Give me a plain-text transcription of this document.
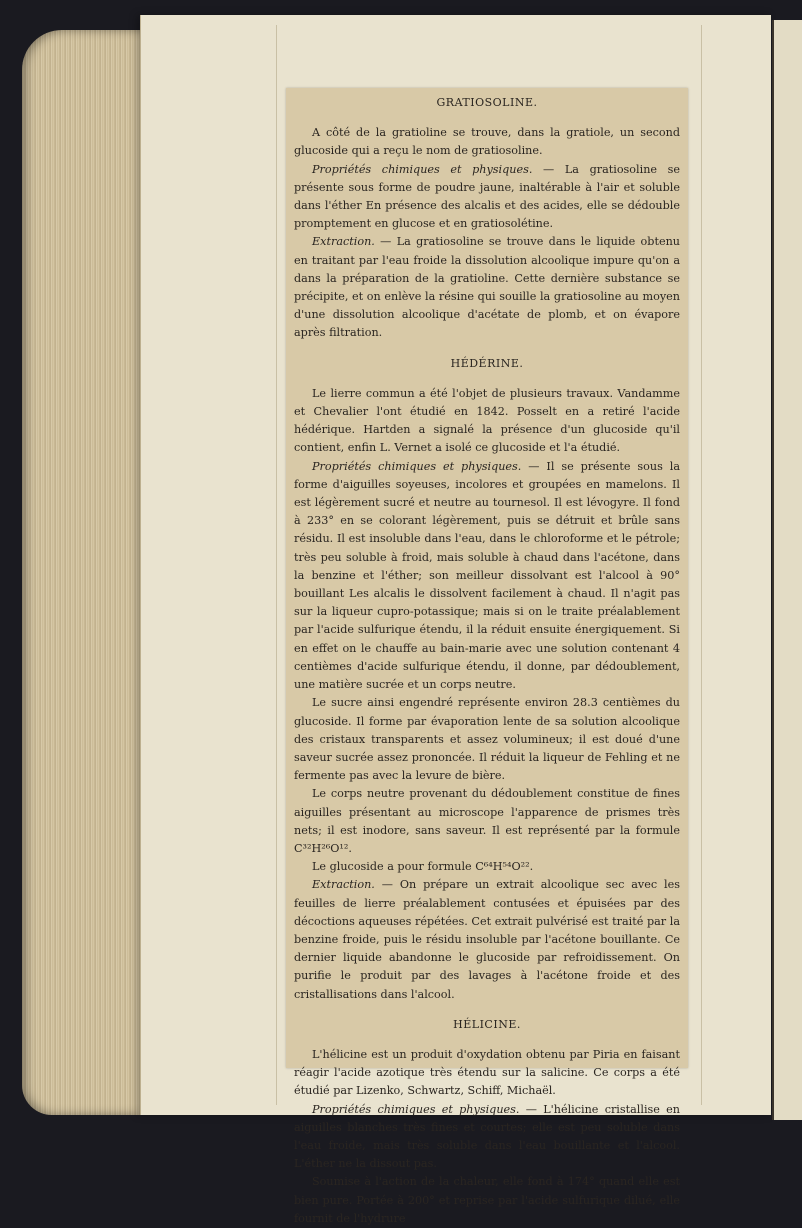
GRATIOSOLINE.

A côté de la gratioline se trouve, dans la gratiole, un second glucoside qui a reçu le nom de gratiosoline.

Propriétés chimiques et physiques. — La gratiosoline se présente sous forme de poudre jaune, inaltérable à l'air et soluble dans l'éther En présence des alcalis et des acides, elle se dédouble promptement en glucose et en gratiosolétine.

Extraction. — La gratiosoline se trouve dans le liquide obtenu en traitant par l'eau froide la dissolution alcoolique impure qu'on a dans la préparation de la gratioline. Cette dernière substance se précipite, et on enlève la résine qui souille la gratiosoline au moyen d'une dissolution alcoolique d'acétate de plomb, et on évapore après filtration.

HÉDÉRINE.

Le lierre commun a été l'objet de plusieurs travaux. Vandamme et Chevalier l'ont étudié en 1842. Posselt en a retiré l'acide hédérique. Hartden a signalé la présence d'un glucoside qu'il contient, enfin L. Vernet a isolé ce glucoside et l'a étudié.

Propriétés chimiques et physiques. — Il se présente sous la forme d'aiguilles soyeuses, incolores et groupées en mamelons. Il est légèrement sucré et neutre au tournesol. Il est lévogyre. Il fond à 233° en se colorant légèrement, puis se détruit et brûle sans résidu. Il est insoluble dans l'eau, dans le chloroforme et le pétrole; très peu soluble à froid, mais soluble à chaud dans l'acétone, dans la benzine et l'éther; son meilleur dissolvant est l'alcool à 90° bouillant Les alcalis le dissolvent facilement à chaud. Il n'agit pas sur la liqueur cupro-potassique; mais si on le traite préalablement par l'acide sulfurique étendu, il la réduit ensuite énergiquement. Si en effet on le chauffe au bain-marie avec une solution contenant 4 centièmes d'acide sulfurique étendu, il donne, par dédoublement, une matière sucrée et un corps neutre.

Le sucre ainsi engendré représente environ 28.3 centièmes du glucoside. Il forme par évaporation lente de sa solution alcoolique des cristaux transparents et assez volumineux; il est doué d'une saveur sucrée assez prononcée. Il réduit la liqueur de Fehling et ne fermente pas avec la levure de bière.

Le corps neutre provenant du dédoublement constitue de fines aiguilles présentant au microscope l'apparence de prismes très nets; il est inodore, sans saveur. Il est représenté par la formule C³²H²⁶O¹².

Le glucoside a pour formule C⁶⁴H⁵⁴O²².

Extraction. — On prépare un extrait alcoolique sec avec les feuilles de lierre préalablement contusées et épuisées par des décoctions aqueuses répétées. Cet extrait pulvérisé est traité par la benzine froide, puis le résidu insoluble par l'acétone bouillante. Ce dernier liquide abandonne le glucoside par refroidissement. On purifie le produit par des lavages à l'acétone froide et des cristallisations dans l'alcool.

HÉLICINE.

L'hélicine est un produit d'oxydation obtenu par Piria en faisant réagir l'acide azotique très étendu sur la salicine. Ce corps a été étudié par Lizenko, Schwartz, Schiff, Michaël.

Propriétés chimiques et physiques. — L'hélicine cristallise en aiguilles blanches très fines et courtes; elle est peu soluble dans l'eau froide, mais très soluble dans l'eau bouillante et l'alcool. L'éther ne la dissout pas.

Soumise à l'action de la chaleur, elle fond à 174° quand elle est bien pure. Portée à 200° et reprise par l'acide sulfurique dilué, elle fournit de l'hydrure
